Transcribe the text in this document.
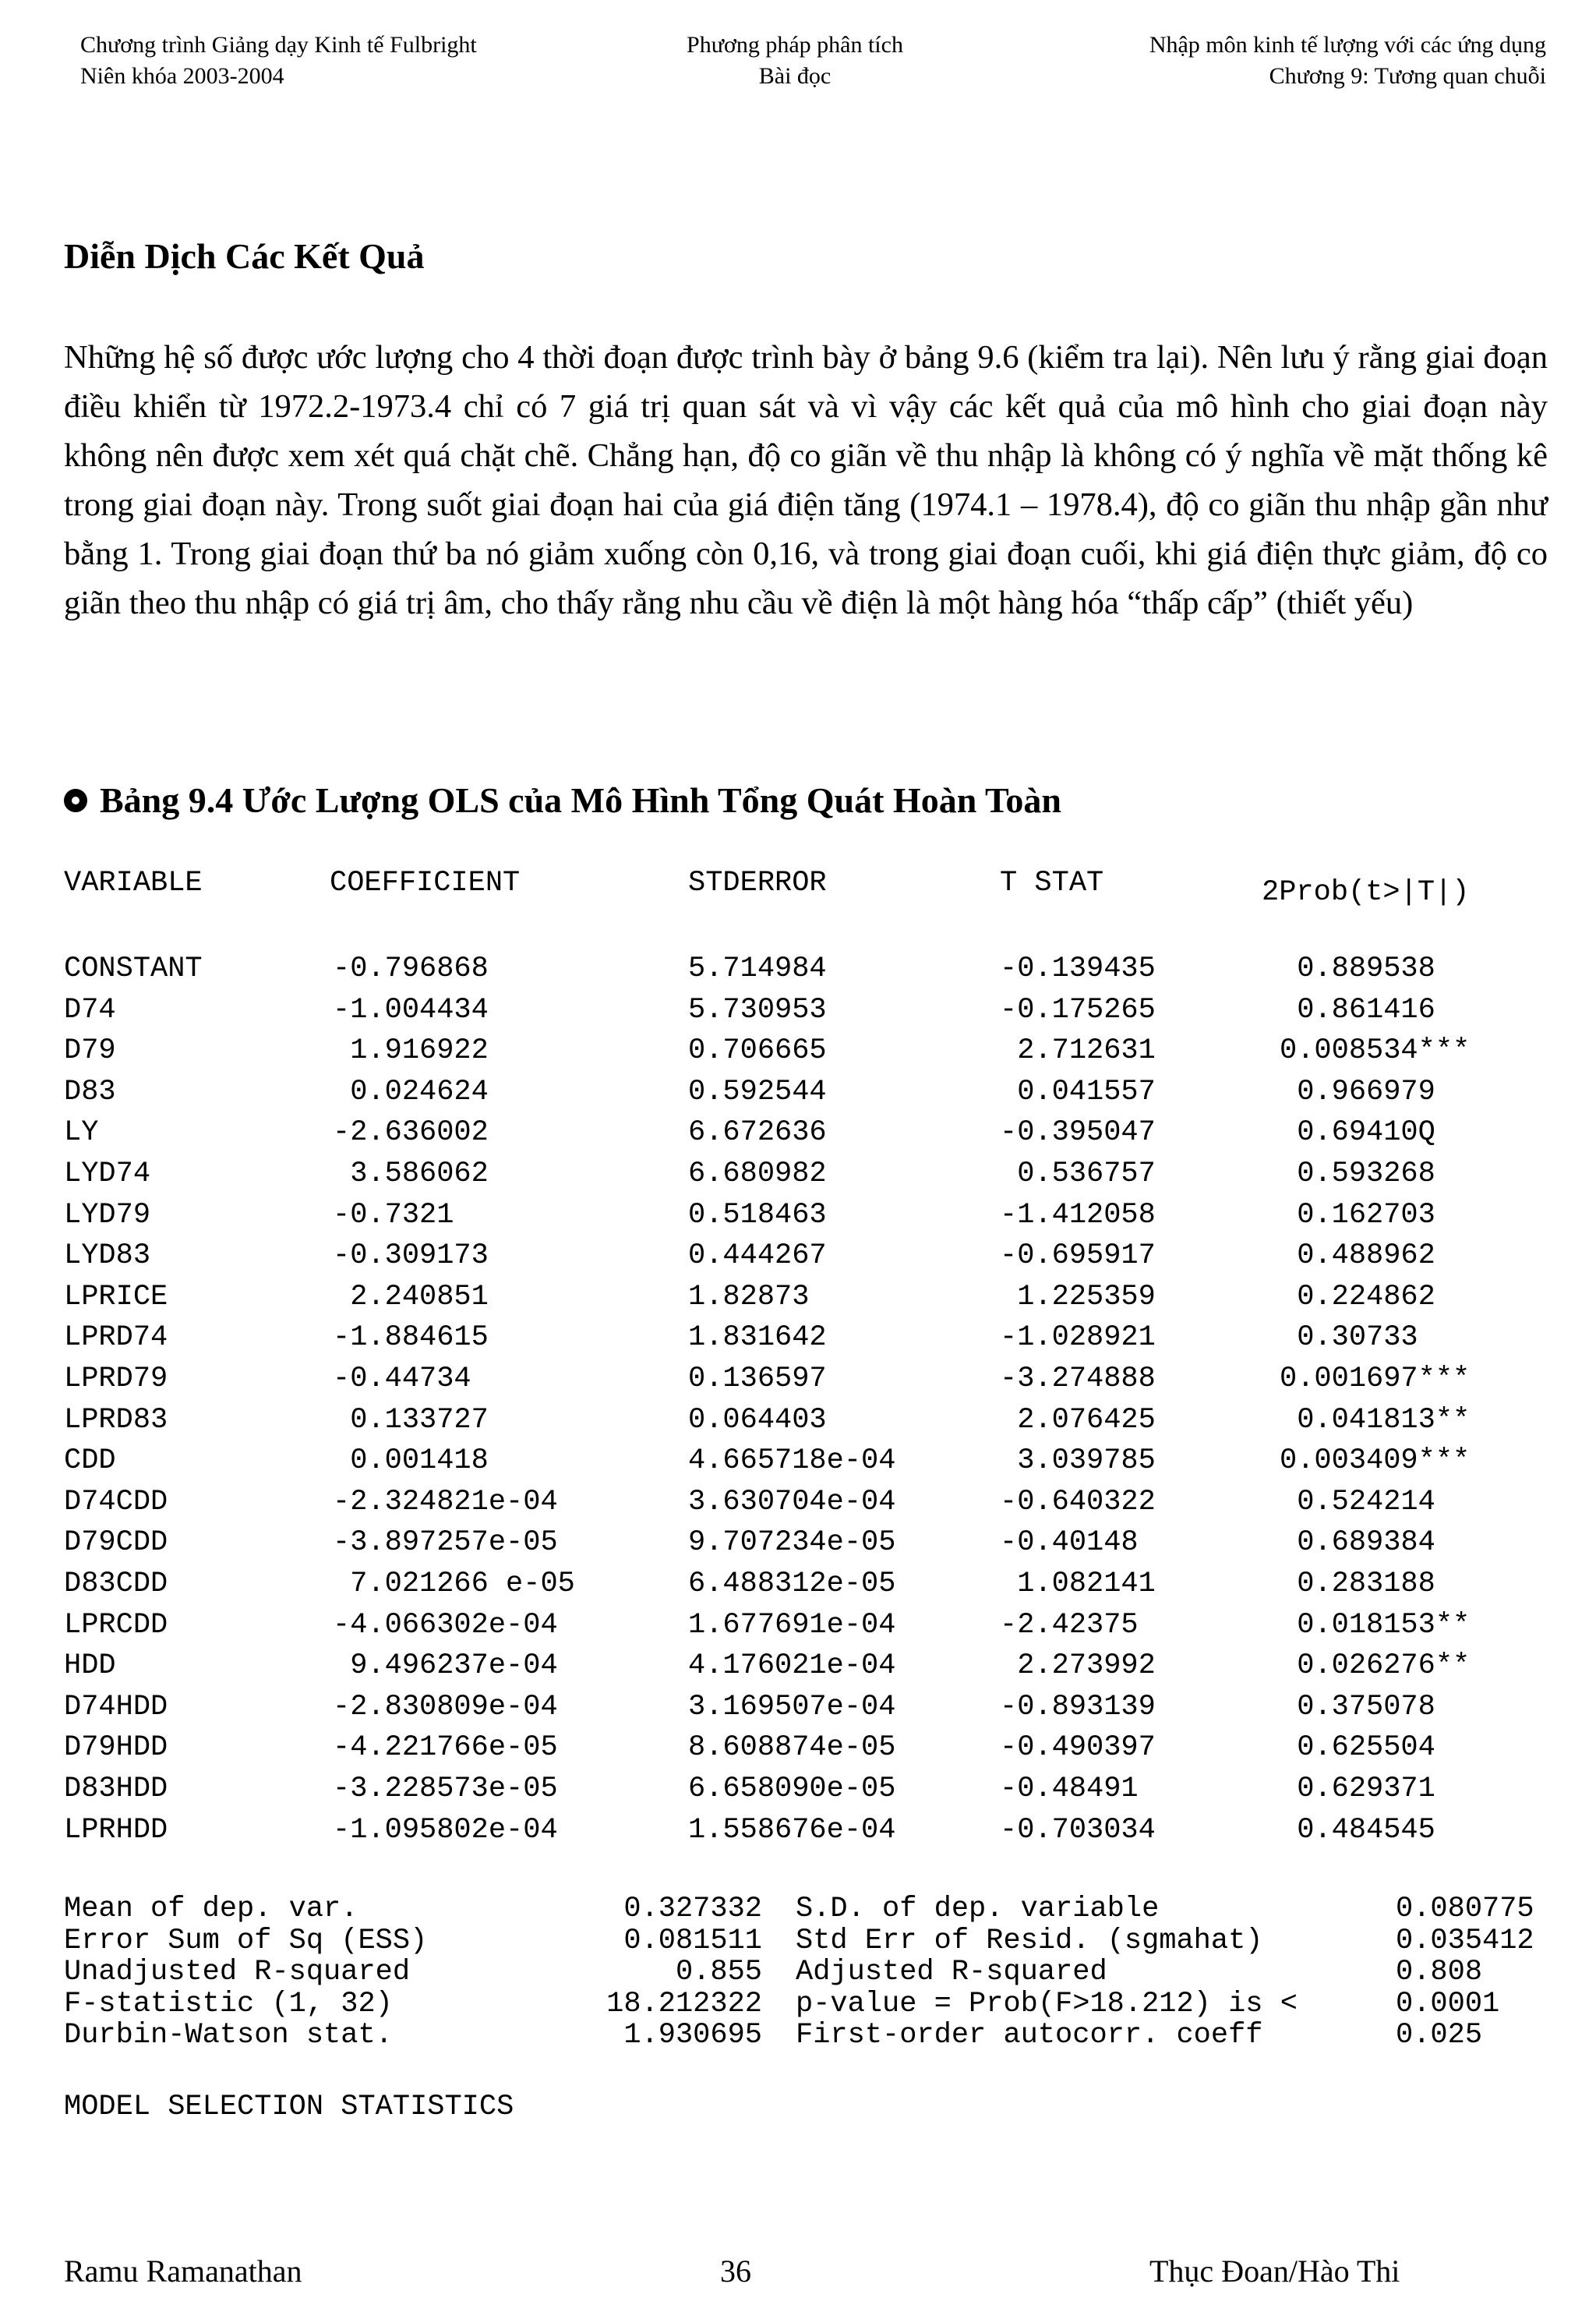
Chương trình Giảng dạy Kinh tế Fulbright
Niên khóa 2003-2004
Phương pháp phân tích
Bài đọc
Nhập môn kinh tế lượng với các ứng dụng
Chương 9: Tương quan chuỗi
Diễn Dịch Các Kết Quả

Những hệ số được ước lượng cho 4 thời đoạn được trình bày ở bảng 9.6 (kiểm tra lại). Nên lưu ý rằng giai đoạn điều khiển từ 1972.2-1973.4 chỉ có 7 giá trị quan sát và vì vậy các kết quả của mô hình cho giai đoạn này không nên được xem xét quá chặt chẽ. Chẳng hạn, độ co giãn về thu nhập là không có ý nghĩa về mặt thống kê trong giai đoạn này. Trong suốt giai đoạn hai của giá điện tăng (1974.1 – 1978.4), độ co giãn thu nhập gần như bằng 1. Trong giai đoạn thứ ba nó giảm xuống còn 0,16, và trong giai đoạn cuối, khi giá điện thực giảm, độ co giãn theo thu nhập có giá trị âm, cho thấy rằng nhu cầu về điện là một hàng hóa “thấp cấp” (thiết yếu)

Bảng 9.4 Ước Lượng OLS của Mô Hình Tổng Quát Hoàn Toàn
VARIABLE	COEFFICIENT	STDERROR	T STAT	2Prob(t>|T|)
CONSTANT	-0.796868	5.714984	-0.139435	0.889538
D74	-1.004434	5.730953	-0.175265	0.861416
D79	1.916922	0.706665	2.712631	0.008534***
D83	0.024624	0.592544	0.041557	0.966979
LY	-2.636002	6.672636	-0.395047	0.69410Q
LYD74	3.586062	6.680982	0.536757	0.593268
LYD79	-0.7321	0.518463	-1.412058	0.162703
LYD83	-0.309173	0.444267	-0.695917	0.488962
LPRICE	2.240851	1.82873	1.225359	0.224862
LPRD74	-1.884615	1.831642	-1.028921	0.30733
LPRD79	-0.44734	0.136597	-3.274888	0.001697***
LPRD83	0.133727	0.064403	2.076425	0.041813**
CDD	0.001418	4.665718e-04	3.039785	0.003409***
D74CDD	-2.324821e-04	3.630704e-04	-0.640322	0.524214
D79CDD	-3.897257e-05	9.707234e-05	-0.40148	0.689384
D83CDD	7.021266 e-05	6.488312e-05	1.082141	0.283188
LPRCDD	-4.066302e-04	1.677691e-04	-2.42375	0.018153**
HDD	9.496237e-04	4.176021e-04	2.273992	0.026276**
D74HDD	-2.830809e-04	3.169507e-04	-0.893139	0.375078
D79HDD	-4.221766e-05	8.608874e-05	-0.490397	0.625504
D83HDD	-3.228573e-05	6.658090e-05	-0.48491	0.629371
LPRHDD	-1.095802e-04	1.558676e-04	-0.703034	0.484545
Mean of dep. var.	0.327332 S.D. of dep. variable	0.080775
Error Sum of Sq (ESS)	0.081511 Std Err of Resid. (sgmahat)	0.035412
Unadjusted R-squared	0.855 Adjusted R-squared	0.808
F-statistic (1, 32)	18.212322 p-value = Prob(F>18.212) is <	0.0001
Durbin-Watson stat.	1.930695 First-order autocorr. coeff	0.025
MODEL SELECTION STATISTICS
Ramu Ramanathan	36	Thục Đoan/Hào Thi
